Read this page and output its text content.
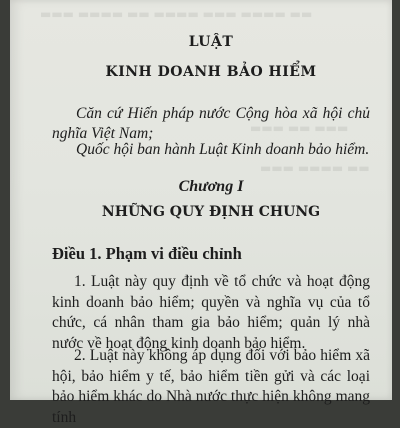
▬▬▬ ▬▬▬▬ ▬▬ ▬▬▬▬ ▬▬▬ ▬▬▬▬ ▬▬
▬▬▬ ▬▬ ▬▬▬
▬▬▬ ▬▬▬▬ ▬▬
LUẬT
KINH DOANH BẢO HIỂM

Căn cứ Hiến pháp nước Cộng hòa xã hội chủ nghĩa Việt Nam;

Quốc hội ban hành Luật Kinh doanh bảo hiểm.

Chương I
NHỮNG QUY ĐỊNH CHUNG
Điều 1. Phạm vi điều chỉnh

1. Luật này quy định về tổ chức và hoạt động kinh doanh bảo hiểm; quyền và nghĩa vụ của tổ chức, cá nhân tham gia bảo hiểm; quản lý nhà nước về hoạt động kinh doanh bảo hiểm.

2. Luật này không áp dụng đối với bảo hiểm xã hội, bảo hiểm y tế, bảo hiểm tiền gửi và các loại bảo hiểm khác do Nhà nước thực hiện không mang tính
